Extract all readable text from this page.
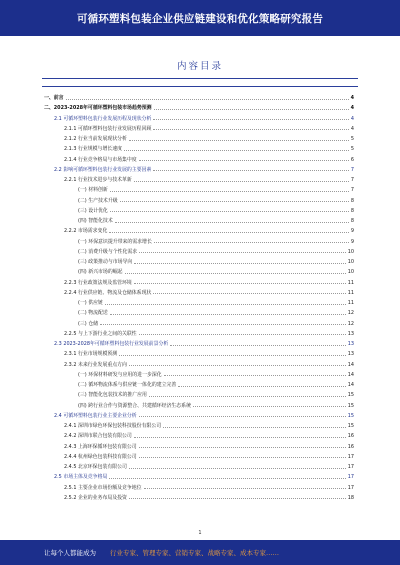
可循环塑料包装企业供应链建设和优化策略研究报告
内容目录
一、前言	4
二、2023-2028年可循环塑料包装市场趋势预测	4
2.1 可循环塑料包装行业发展历程及现状分析	4
2.1.1 可循环塑料包装行业发展历程回顾	4
2.1.2 行业当前发展现状分析	5
2.1.3 行业规模与增长速度	5
2.1.4 行业竞争格局与市场集中度	6
2.2 影响可循环塑料包装行业发展的主要因素	7
2.2.1 行业技术进步与技术革新	7
(一) 材料创新	7
(二) 生产技术升级	8
(三) 设计优化	8
(四) 智能化技术	8
2.2.2 市场需求变化	9
(一) 环保意识提升带来的需求增长	9
(二) 消费升级与个性化需求	10
(三) 政策推动与市场导向	10
(四) 新兴市场的崛起	10
2.2.3 行业政策法规及监管环境	11
2.2.4 行业供应链、物流及仓储体系现状	11
(一) 供应链	11
(二) 物流配送	12
(三) 仓储	12
2.2.5 与上下游行业之间的关联性	13
2.3 2023-2028年可循环塑料包装行业发展前景分析	13
2.3.1 行业市场规模预测	13
2.3.2 未来行业发展重点方向	14
(一) 环保材料研发与应用的进一步深化	14
(二) 循环物流体系与供应链一体化的建立完善	14
(三) 智能化包装技术的推广应用	15
(四) 跨行业合作与资源整合、共建循环经济生态系统	15
2.4 可循环塑料包装行业主要企业分析	15
2.4.1 深圳市绿色环保包装科技股份有限公司	15
2.4.2 深圳市联合包装有限公司	16
2.4.3 上海环保循环包装有限公司	16
2.4.4 杭州绿色包装科技有限公司	17
2.4.5 北京环保包装有限公司	17
2.5 市场主体及竞争格局	17
2.5.1 主要企业市场份额及竞争地位	17
2.5.2 企业的业务布局及投资	18
1
让每个人都能成为 行业专家、管理专家、营销专家、战略专家、成本专家……
